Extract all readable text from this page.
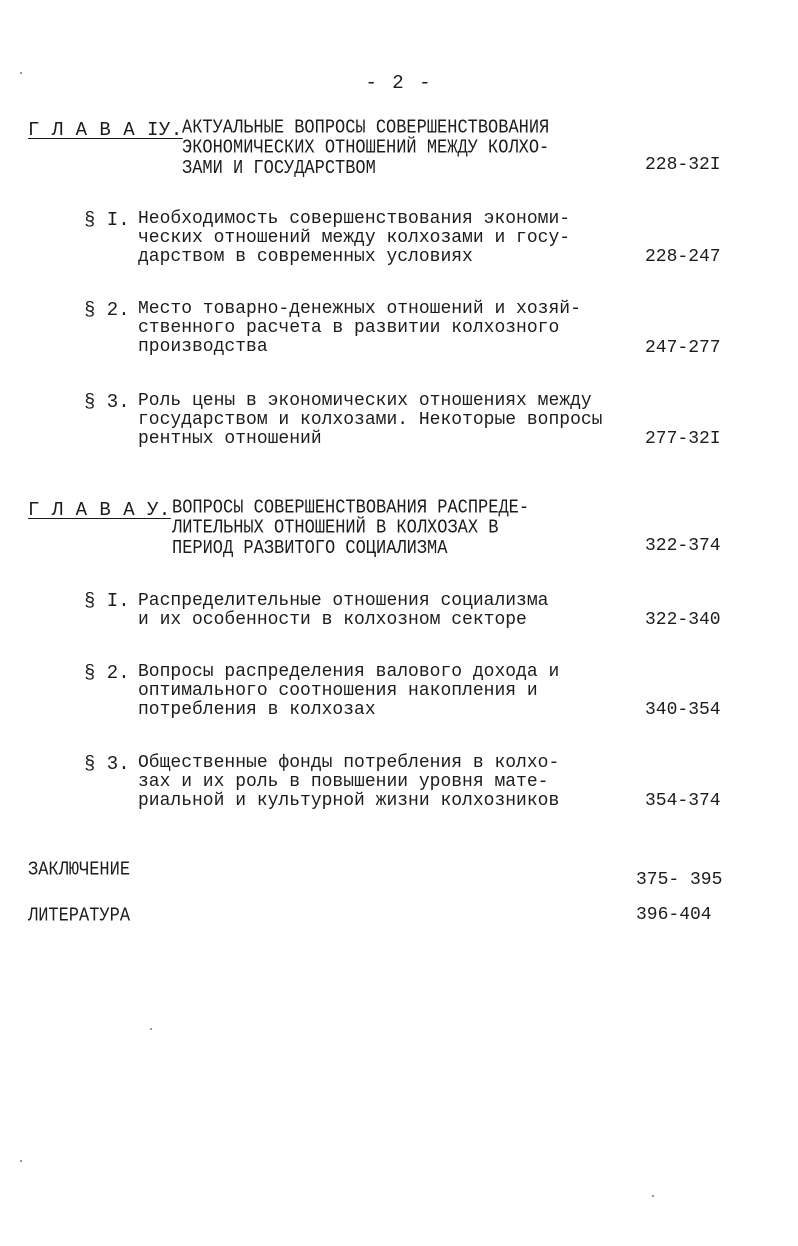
- 2 -
Г Л А В А ІУ. АКТУАЛЬНЫЕ ВОПРОСЫ СОВЕРШЕНСТВОВАНИЯ
ЭКОНОМИЧЕСКИХ ОТНОШЕНИЙ МЕЖДУ КОЛХО-
ЗАМИ И ГОСУДАРСТВОМ	228-32I
§ I. Необходимость совершенствования экономи-
ческих отношений между колхозами и госу-
дарством в современных условиях	228-247
§ 2. Место товарно-денежных отношений и хозяй-
ственного расчета в развитии колхозного
производства	247-277
§ 3. Роль цены в экономических отношениях между
государством и колхозами. Некоторые вопросы
рентных отношений	277-32I
Г Л А В А У. ВОПРОСЫ СОВЕРШЕНСТВОВАНИЯ РАСПРЕДЕ-
ЛИТЕЛЬНЫХ ОТНОШЕНИЙ В КОЛХОЗАХ В
ПЕРИОД РАЗВИТОГО СОЦИАЛИЗМА	322-374
§ I. Распределительные отношения социализма
и их особенности в колхозном секторе	322-340
§ 2. Вопросы распределения валового дохода и
оптимального соотношения накопления и
потребления в колхозах	340-354
§ 3. Общественные фонды потребления в колхо-
зах и их роль в повышении уровня мате-
риальной и культурной жизни колхозников	354-374
ЗАКЛЮЧЕНИЕ	375- 395
ЛИТЕРАТУРА	396-404
